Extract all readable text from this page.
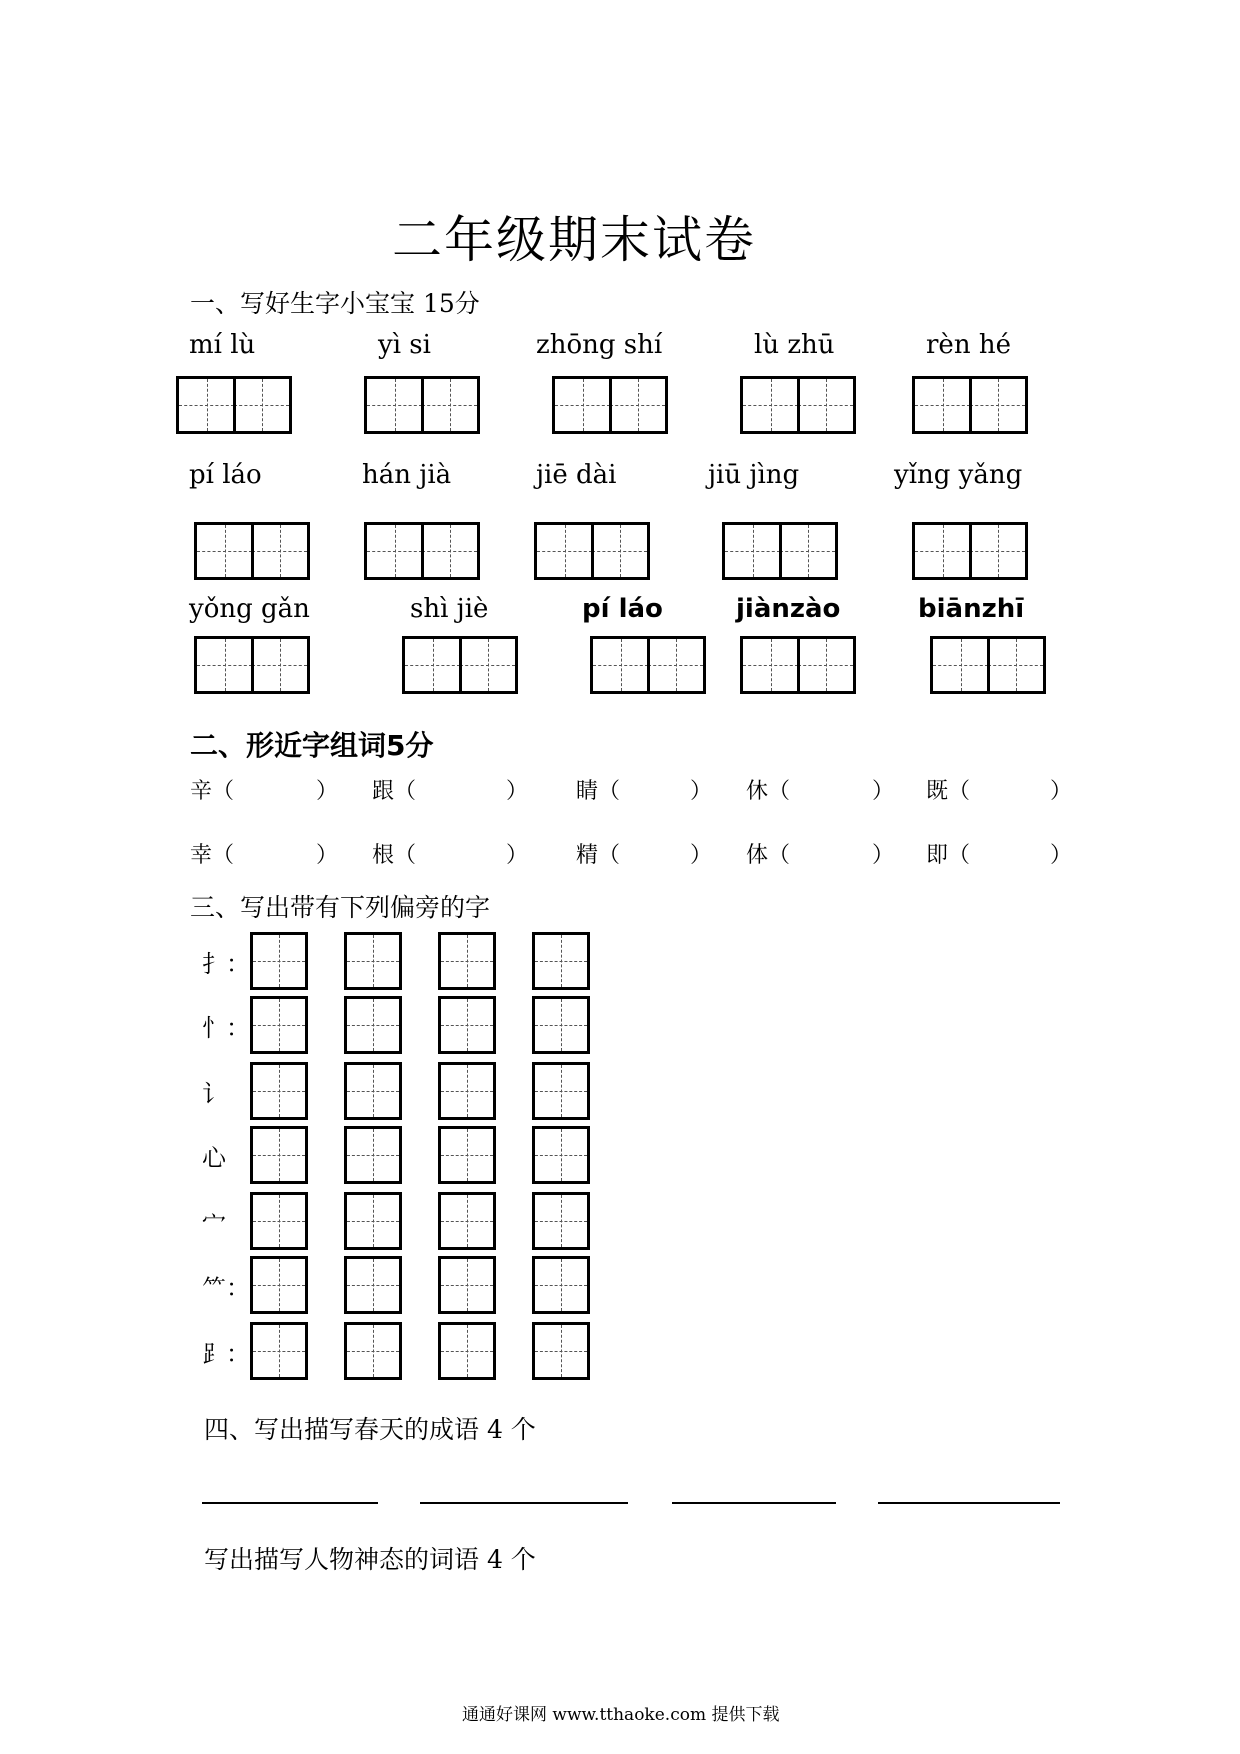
二年级期末试卷
一、写好生字小宝宝 15分
mí lù	yì si	zhōng shí	lù zhū	rèn hé
pí láo	hán jià	jiē dài	jiū jìng	yǐng yǎng
yǒng gǎn	shì jiè	pí láo	jiànzào	biānzhī
二、形近字组词5分
辛（	） 跟（	） 睛（	） 休（	） 既（	）
幸（	） 根（	） 精（	） 体（	） 即（	）
三、写出带有下列偏旁的字
扌：
忄：
讠
心
宀
⺮：
⻊：
四、写出描写春天的成语 4 个
写出描写人物神态的词语 4 个
通通好课网 www.tthaoke.com 提供下载
